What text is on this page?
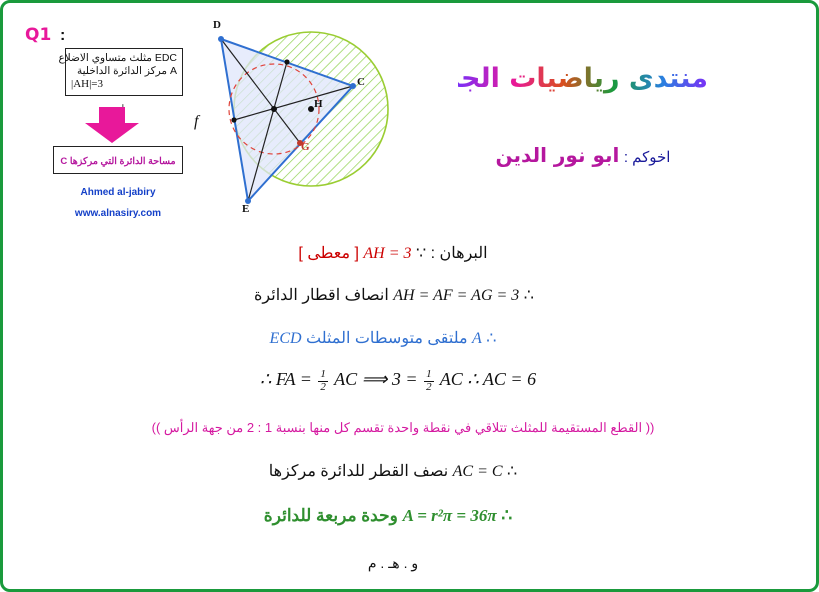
Q1 :
EDC مثلث متساوي الاضلاع
A مركز الدائرة الداخلية
|AH|=3
مساحة الدائرة التي مركزها C
Ahmed al-jabiry
www.alnasiry.com
D
C
E
H
G
f
منتدى رياضيات الجزائر
اخوكم : ابو نور الدين
البرهان : ∵ AH = 3 [ معطى ]
∴ AH = AF = AG = 3 انصاف اقطار الدائرة
∴ A ملتقى متوسطات المثلث ECD
∴ FA = $\frac{1}{2}$ AC ⟹ $3 = \frac{1}{2}$ AC ∴ AC = 6
(( القطع المستقيمة للمثلث تتلاقي في نقطة واحدة تقسم كل منها بنسبة 1 : 2 من جهة الرأس ))
∴ AC = C نصف القطر للدائرة مركزها
∴ A = r²π = 36π وحدة مربعة للدائرة
و . هـ . م
